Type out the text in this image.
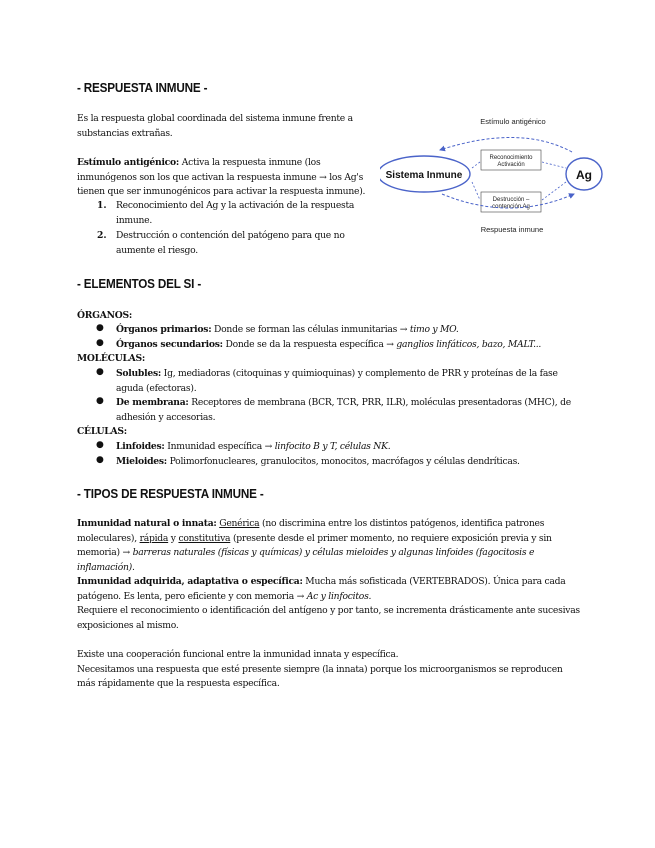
- RESPUESTA INMUNE -
Es la respuesta global coordinada del sistema inmune frente a
substancias extrañas.
Estímulo antigénico: Activa la respuesta inmune (los
inmunógenos son los que activan la respuesta inmune → los Ag's
tienen que ser inmunogénicos para activar la respuesta inmune).
1. Reconocimiento del Ag y la activación de la respuesta
inmune.
2. Destrucción o contención del patógeno para que no
aumente el riesgo.
Estímulo antigénico
Sistema Inmune	Ag
Reconocimiento
Activación
Destrucción –
contención Ag
Respuesta inmune
- ELEMENTOS DEL SI -
ÓRGANOS:
● Órganos primarios: Donde se forman las células inmunitarias → timo y MO.
● Órganos secundarios: Donde se da la respuesta específica → ganglios linfáticos, bazo, MALT...
MOLÉCULAS:
● Solubles: Ig, mediadoras (citoquinas y quimioquinas) y complemento de PRR y proteínas de la fase
aguda (efectoras).
● De membrana: Receptores de membrana (BCR, TCR, PRR, ILR), moléculas presentadoras (MHC), de
adhesión y accesorias.
CÉLULAS:
● Linfoides: Inmunidad específica → linfocito B y T, células NK.
● Mieloides: Polimorfonucleares, granulocitos, monocitos, macrófagos y células dendríticas.
- TIPOS DE RESPUESTA INMUNE -
Inmunidad natural o innata: Genérica (no discrimina entre los distintos patógenos, identifica patrones
moleculares), rápida y constitutiva (presente desde el primer momento, no requiere exposición previa y sin
memoria) → barreras naturales (físicas y químicas) y células mieloides y algunas linfoides (fagocitosis e
inflamación).
Inmunidad adquirida, adaptativa o específica: Mucha más sofisticada (VERTEBRADOS). Única para cada
patógeno. Es lenta, pero eficiente y con memoria → Ac y linfocitos.
Requiere el reconocimiento o identificación del antígeno y por tanto, se incrementa drásticamente ante sucesivas
exposiciones al mismo.
Existe una cooperación funcional entre la inmunidad innata y específica.
Necesitamos una respuesta que esté presente siempre (la innata) porque los microorganismos se reproducen
más rápidamente que la respuesta específica.
